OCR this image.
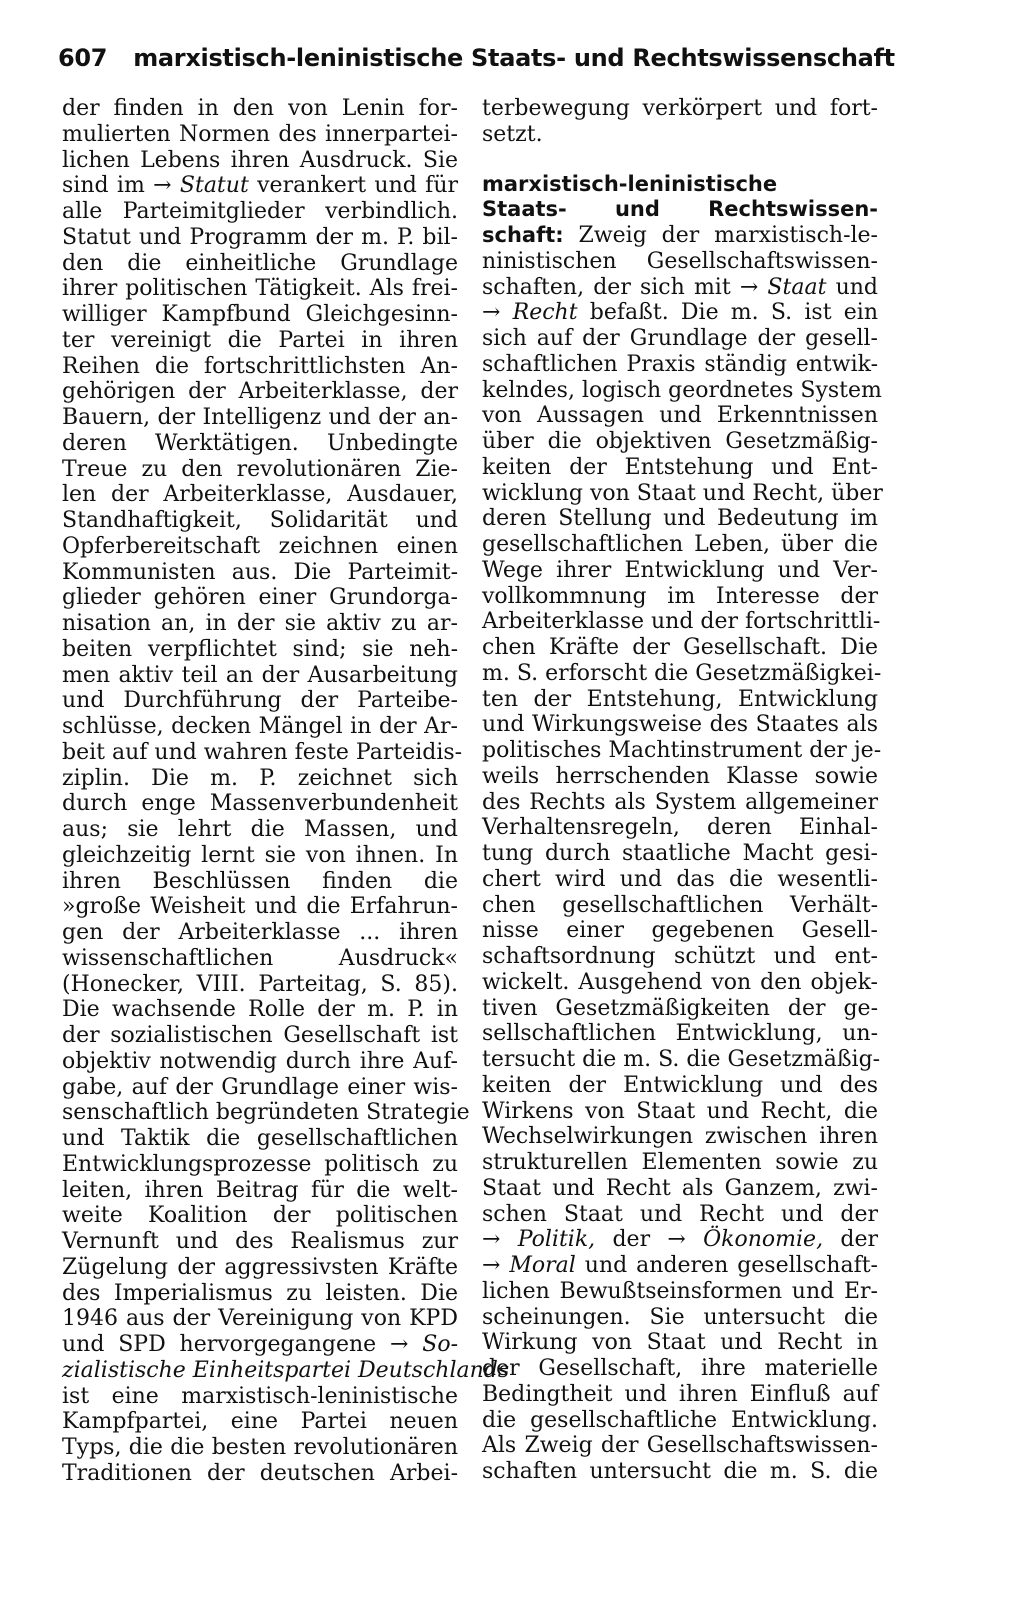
607 marxistisch-leninistische Staats- und Rechtswissenschaft
der finden in den von Lenin for-
mulierten Normen des innerpartei-
lichen Lebens ihren Ausdruck. Sie
sind im → Statut verankert und für
alle Parteimitglieder verbindlich.
Statut und Programm der m. P. bil-
den die einheitliche Grundlage
ihrer politischen Tätigkeit. Als frei-
williger Kampfbund Gleichgesinn-
ter vereinigt die Partei in ihren
Reihen die fortschrittlichsten An-
gehörigen der Arbeiterklasse, der
Bauern, der Intelligenz und der an-
deren Werktätigen. Unbedingte
Treue zu den revolutionären Zie-
len der Arbeiterklasse, Ausdauer,
Standhaftigkeit, Solidarität und
Opferbereitschaft zeichnen einen
Kommunisten aus. Die Parteimit-
glieder gehören einer Grundorga-
nisation an, in der sie aktiv zu ar-
beiten verpflichtet sind; sie neh-
men aktiv teil an der Ausarbeitung
und Durchführung der Parteibe-
schlüsse, decken Mängel in der Ar-
beit auf und wahren feste Parteidis-
ziplin. Die m. P. zeichnet sich
durch enge Massenverbundenheit
aus; sie lehrt die Massen, und
gleichzeitig lernt sie von ihnen. In
ihren Beschlüssen finden die
»große Weisheit und die Erfahrun-
gen der Arbeiterklasse ... ihren
wissenschaftlichen Ausdruck«
(Honecker, VIII. Parteitag, S. 85).
Die wachsende Rolle der m. P. in
der sozialistischen Gesellschaft ist
objektiv notwendig durch ihre Auf-
gabe, auf der Grundlage einer wis-
senschaftlich begründeten Strategie
und Taktik die gesellschaftlichen
Entwicklungsprozesse politisch zu
leiten, ihren Beitrag für die welt-
weite Koalition der politischen
Vernunft und des Realismus zur
Zügelung der aggressivsten Kräfte
des Imperialismus zu leisten. Die
1946 aus der Vereinigung von KPD
und SPD hervorgegangene → So-
zialistische Einheitspartei Deutschlands
ist eine marxistisch-leninistische
Kampfpartei, eine Partei neuen
Typs, die die besten revolutionären
Traditionen der deutschen Arbei-
terbewegung verkörpert und fort-
setzt.
marxistisch-leninistische
Staats- und Rechtswissen-
schaft: Zweig der marxistisch-le-
ninistischen Gesellschaftswissen-
schaften, der sich mit → Staat und
→ Recht befaßt. Die m. S. ist ein
sich auf der Grundlage der gesell-
schaftlichen Praxis ständig entwik-
kelndes, logisch geordnetes System
von Aussagen und Erkenntnissen
über die objektiven Gesetzmäßig-
keiten der Entstehung und Ent-
wicklung von Staat und Recht, über
deren Stellung und Bedeutung im
gesellschaftlichen Leben, über die
Wege ihrer Entwicklung und Ver-
vollkommnung im Interesse der
Arbeiterklasse und der fortschrittli-
chen Kräfte der Gesellschaft. Die
m. S. erforscht die Gesetzmäßigkei-
ten der Entstehung, Entwicklung
und Wirkungsweise des Staates als
politisches Machtinstrument der je-
weils herrschenden Klasse sowie
des Rechts als System allgemeiner
Verhaltensregeln, deren Einhal-
tung durch staatliche Macht gesi-
chert wird und das die wesentli-
chen gesellschaftlichen Verhält-
nisse einer gegebenen Gesell-
schaftsordnung schützt und ent-
wickelt. Ausgehend von den objek-
tiven Gesetzmäßigkeiten der ge-
sellschaftlichen Entwicklung, un-
tersucht die m. S. die Gesetzmäßig-
keiten der Entwicklung und des
Wirkens von Staat und Recht, die
Wechselwirkungen zwischen ihren
strukturellen Elementen sowie zu
Staat und Recht als Ganzem, zwi-
schen Staat und Recht und der
→ Politik, der → Ökonomie, der
→ Moral und anderen gesellschaft-
lichen Bewußtseinsformen und Er-
scheinungen. Sie untersucht die
Wirkung von Staat und Recht in
der Gesellschaft, ihre materielle
Bedingtheit und ihren Einfluß auf
die gesellschaftliche Entwicklung.
Als Zweig der Gesellschaftswissen-
schaften untersucht die m. S. die
